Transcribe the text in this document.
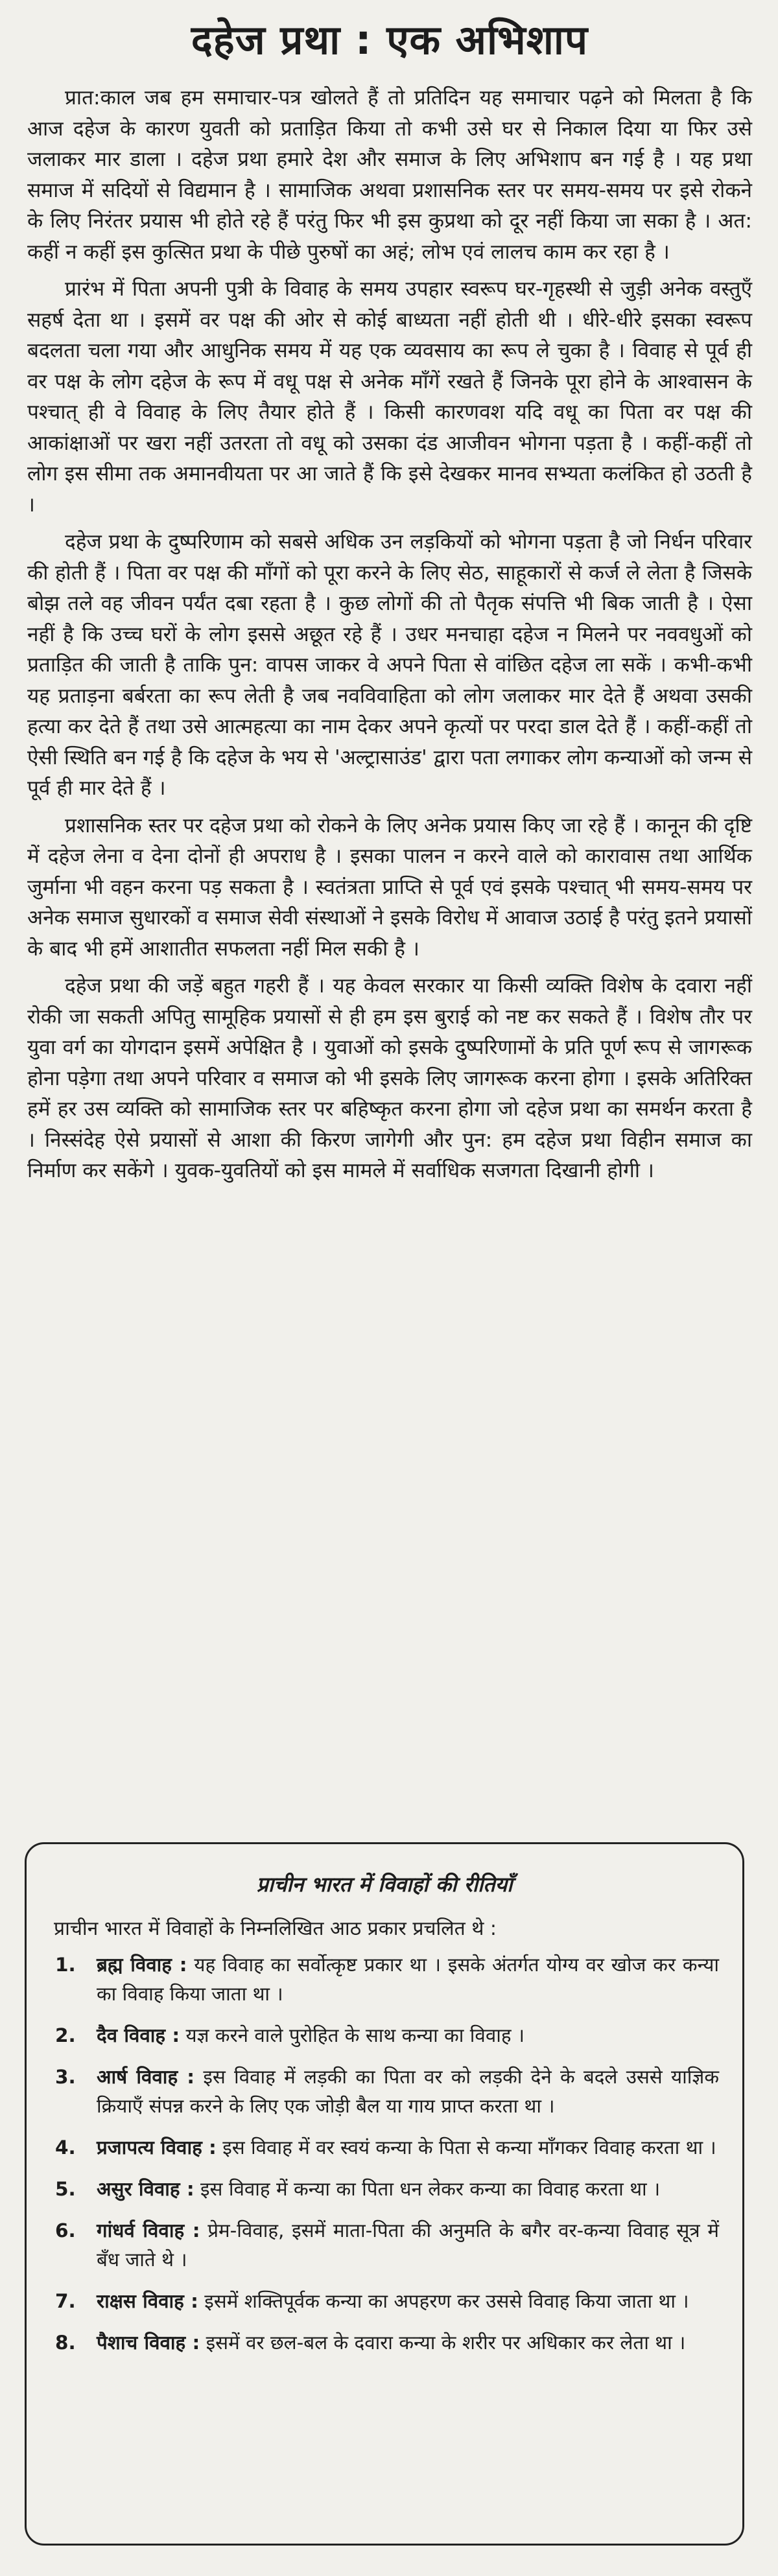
दहेज प्रथा : एक अभिशाप

प्रात:काल जब हम समाचार-पत्र खोलते हैं तो प्रतिदिन यह समाचार पढ़ने को मिलता है कि आज दहेज के कारण युवती को प्रताड़ित किया तो कभी उसे घर से निकाल दिया या फिर उसे जलाकर मार डाला । दहेज प्रथा हमारे देश और समाज के लिए अभिशाप बन गई है । यह प्रथा समाज में सदियों से विद्यमान है । सामाजिक अथवा प्रशासनिक स्तर पर समय-समय पर इसे रोकने के लिए निरंतर प्रयास भी होते रहे हैं परंतु फिर भी इस कुप्रथा को दूर नहीं किया जा सका है । अत: कहीं न कहीं इस कुत्सित प्रथा के पीछे पुरुषों का अहं; लोभ एवं लालच काम कर रहा है ।

प्रारंभ में पिता अपनी पुत्री के विवाह के समय उपहार स्वरूप घर-गृहस्थी से जुड़ी अनेक वस्तुएँ सहर्ष देता था । इसमें वर पक्ष की ओर से कोई बाध्यता नहीं होती थी । धीरे-धीरे इसका स्वरूप बदलता चला गया और आधुनिक समय में यह एक व्यवसाय का रूप ले चुका है । विवाह से पूर्व ही वर पक्ष के लोग दहेज के रूप में वधू पक्ष से अनेक माँगें रखते हैं जिनके पूरा होने के आश्वासन के पश्चात् ही वे विवाह के लिए तैयार होते हैं । किसी कारणवश यदि वधू का पिता वर पक्ष की आकांक्षाओं पर खरा नहीं उतरता तो वधू को उसका दंड आजीवन भोगना पड़ता है । कहीं-कहीं तो लोग इस सीमा तक अमानवीयता पर आ जाते हैं कि इसे देखकर मानव सभ्यता कलंकित हो उठती है ।

दहेज प्रथा के दुष्परिणाम को सबसे अधिक उन लड़कियों को भोगना पड़ता है जो निर्धन परिवार की होती हैं । पिता वर पक्ष की माँगों को पूरा करने के लिए सेठ, साहूकारों से कर्ज ले लेता है जिसके बोझ तले वह जीवन पर्यंत दबा रहता है । कुछ लोगों की तो पैतृक संपत्ति भी बिक जाती है । ऐसा नहीं है कि उच्च घरों के लोग इससे अछूत रहे हैं । उधर मनचाहा दहेज न मिलने पर नववधुओं को प्रताड़ित की जाती है ताकि पुन: वापस जाकर वे अपने पिता से वांछित दहेज ला सकें । कभी-कभी यह प्रताड़ना बर्बरता का रूप लेती है जब नवविवाहिता को लोग जलाकर मार देते हैं अथवा उसकी हत्या कर देते हैं तथा उसे आत्महत्या का नाम देकर अपने कृत्यों पर परदा डाल देते हैं । कहीं-कहीं तो ऐसी स्थिति बन गई है कि दहेज के भय से 'अल्ट्रासाउंड' द्वारा पता लगाकर लोग कन्याओं को जन्म से पूर्व ही मार देते हैं ।

प्रशासनिक स्तर पर दहेज प्रथा को रोकने के लिए अनेक प्रयास किए जा रहे हैं । कानून की दृष्टि में दहेज लेना व देना दोनों ही अपराध है । इसका पालन न करने वाले को कारावास तथा आर्थिक जुर्माना भी वहन करना पड़ सकता है । स्वतंत्रता प्राप्ति से पूर्व एवं इसके पश्चात् भी समय-समय पर अनेक समाज सुधारकों व समाज सेवी संस्थाओं ने इसके विरोध में आवाज उठाई है परंतु इतने प्रयासों के बाद भी हमें आशातीत सफलता नहीं मिल सकी है ।

दहेज प्रथा की जड़ें बहुत गहरी हैं । यह केवल सरकार या किसी व्यक्ति विशेष के दवारा नहीं रोकी जा सकती अपितु सामूहिक प्रयासों से ही हम इस बुराई को नष्ट कर सकते हैं । विशेष तौर पर युवा वर्ग का योगदान इसमें अपेक्षित है । युवाओं को इसके दुष्परिणामों के प्रति पूर्ण रूप से जागरूक होना पड़ेगा तथा अपने परिवार व समाज को भी इसके लिए जागरूक करना होगा । इसके अतिरिक्त हमें हर उस व्यक्ति को सामाजिक स्तर पर बहिष्कृत करना होगा जो दहेज प्रथा का समर्थन करता है । निस्संदेह ऐसे प्रयासों से आशा की किरण जागेगी और पुन: हम दहेज प्रथा विहीन समाज का निर्माण कर सकेंगे । युवक-युवतियों को इस मामले में सर्वाधिक सजगता दिखानी होगी ।

प्राचीन भारत में विवाहों की रीतियाँ
प्राचीन भारत में विवाहों के निम्नलिखित आठ प्रकार प्रचलित थे :
1.	ब्रह्म विवाह : यह विवाह का सर्वोत्कृष्ट प्रकार था । इसके अंतर्गत योग्य वर खोज कर कन्या का विवाह किया जाता था ।
2.	दैव विवाह : यज्ञ करने वाले पुरोहित के साथ कन्या का विवाह ।
3.	आर्ष विवाह : इस विवाह में लड़की का पिता वर को लड़की देने के बदले उससे याज्ञिक क्रियाएँ संपन्न करने के लिए एक जोड़ी बैल या गाय प्राप्त करता था ।
4.	प्रजापत्य विवाह : इस विवाह में वर स्वयं कन्या के पिता से कन्या माँगकर विवाह करता था ।
5.	असुर विवाह : इस विवाह में कन्या का पिता धन लेकर कन्या का विवाह करता था ।
6.	गांधर्व विवाह : प्रेम-विवाह, इसमें माता-पिता की अनुमति के बगैर वर-कन्या विवाह सूत्र में बँध जाते थे ।
7.	राक्षस विवाह : इसमें शक्तिपूर्वक कन्या का अपहरण कर उससे विवाह किया जाता था ।
8.	पैशाच विवाह : इसमें वर छल-बल के दवारा कन्या के शरीर पर अधिकार कर लेता था ।
